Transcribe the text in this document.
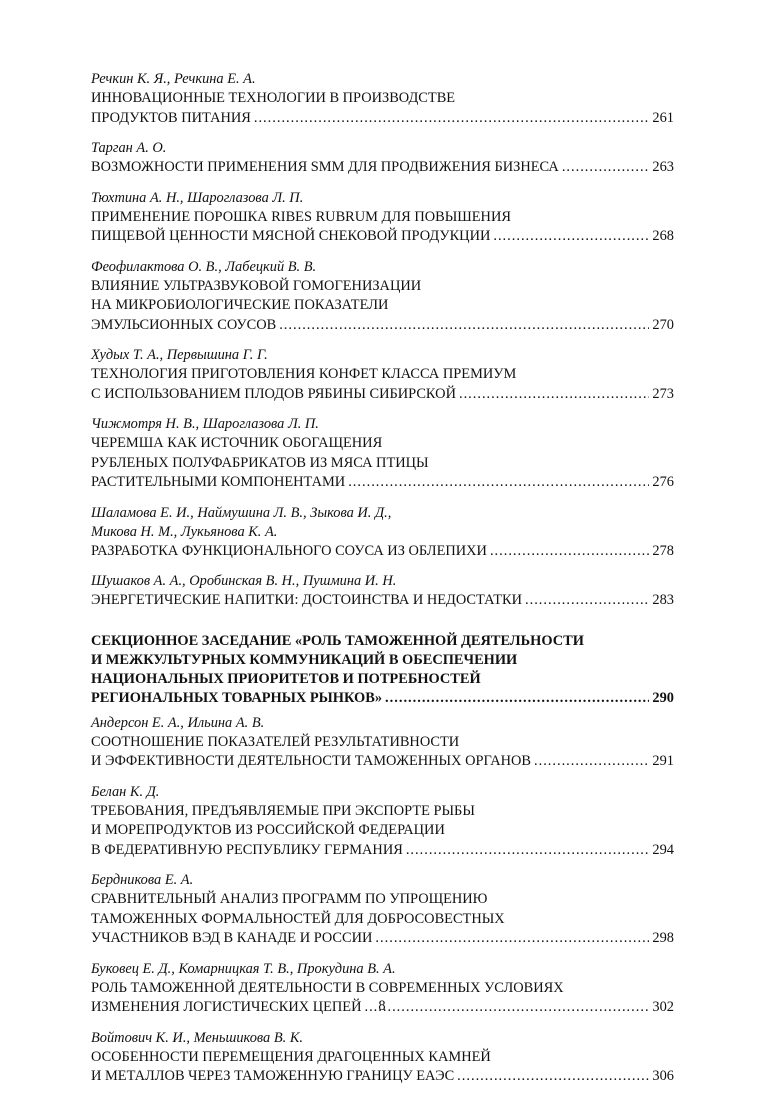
Речкин К. Я., Речкина Е. А.
ИННОВАЦИОННЫЕ ТЕХНОЛОГИИ В ПРОИЗВОДСТВЕ
ПРОДУКТОВ ПИТАНИЯ .....	261
Тарган А. О.
ВОЗМОЖНОСТИ ПРИМЕНЕНИЯ SMM ДЛЯ ПРОДВИЖЕНИЯ БИЗНЕСА .....	263
Тюхтина А. Н., Шароглазова Л. П.
ПРИМЕНЕНИЕ ПОРОШКА RIBES RUBRUM ДЛЯ ПОВЫШЕНИЯ
ПИЩЕВОЙ ЦЕННОСТИ МЯСНОЙ СНЕКОВОЙ ПРОДУКЦИИ .....	268
Феофилактова О. В., Лабецкий В. В.
ВЛИЯНИЕ УЛЬТРАЗВУКОВОЙ ГОМОГЕНИЗАЦИИ
НА МИКРОБИОЛОГИЧЕСКИЕ ПОКАЗАТЕЛИ
ЭМУЛЬСИОННЫХ СОУСОВ .....	270
Худых Т. А., Первышина Г. Г.
ТЕХНОЛОГИЯ ПРИГОТОВЛЕНИЯ КОНФЕТ КЛАССА ПРЕМИУМ
С ИСПОЛЬЗОВАНИЕМ ПЛОДОВ РЯБИНЫ СИБИРСКОЙ .....	273
Чижмотря Н. В., Шароглазова Л. П.
ЧЕРЕМША КАК ИСТОЧНИК ОБОГАЩЕНИЯ
РУБЛЕНЫХ ПОЛУФАБРИКАТОВ ИЗ МЯСА ПТИЦЫ
РАСТИТЕЛЬНЫМИ КОМПОНЕНТАМИ .....	276
Шаламова Е. И., Наймушина Л. В., Зыкова И. Д.,
Микова Н. М., Лукьянова К. А.
РАЗРАБОТКА ФУНКЦИОНАЛЬНОГО СОУСА ИЗ ОБЛЕПИХИ .....	278
Шушаков А. А., Оробинская В. Н., Пушмина И. Н.
ЭНЕРГЕТИЧЕСКИЕ НАПИТКИ: ДОСТОИНСТВА И НЕДОСТАТКИ .....	283
СЕКЦИОННОЕ ЗАСЕДАНИЕ «РОЛЬ ТАМОЖЕННОЙ ДЕЯТЕЛЬНОСТИ
И МЕЖКУЛЬТУРНЫХ КОММУНИКАЦИЙ В ОБЕСПЕЧЕНИИ
НАЦИОНАЛЬНЫХ ПРИОРИТЕТОВ И ПОТРЕБНОСТЕЙ
РЕГИОНАЛЬНЫХ ТОВАРНЫХ РЫНКОВ» .....	290
Андерсон Е. А., Ильина А. В.
СООТНОШЕНИЕ ПОКАЗАТЕЛЕЙ РЕЗУЛЬТАТИВНОСТИ
И ЭФФЕКТИВНОСТИ ДЕЯТЕЛЬНОСТИ ТАМОЖЕННЫХ ОРГАНОВ .....	291
Белан К. Д.
ТРЕБОВАНИЯ, ПРЕДЪЯВЛЯЕМЫЕ ПРИ ЭКСПОРТЕ РЫБЫ
И МОРЕПРОДУКТОВ ИЗ РОССИЙСКОЙ ФЕДЕРАЦИИ
В ФЕДЕРАТИВНУЮ РЕСПУБЛИКУ ГЕРМАНИЯ .....	294
Бердникова Е. А.
СРАВНИТЕЛЬНЫЙ АНАЛИЗ ПРОГРАММ ПО УПРОЩЕНИЮ
ТАМОЖЕННЫХ ФОРМАЛЬНОСТЕЙ ДЛЯ ДОБРОСОВЕСТНЫХ
УЧАСТНИКОВ ВЭД В КАНАДЕ И РОССИИ .....	298
Буковец Е. Д., Комарницкая Т. В., Прокудина В. А.
РОЛЬ ТАМОЖЕННОЙ ДЕЯТЕЛЬНОСТИ В СОВРЕМЕННЫХ УСЛОВИЯХ
ИЗМЕНЕНИЯ ЛОГИСТИЧЕСКИХ ЦЕПЕЙ .....	302
Войтович К. И., Меньшикова В. К.
ОСОБЕННОСТИ ПЕРЕМЕЩЕНИЯ ДРАГОЦЕННЫХ КАМНЕЙ
И МЕТАЛЛОВ ЧЕРЕЗ ТАМОЖЕННУЮ ГРАНИЦУ ЕАЭС .....	306
8
